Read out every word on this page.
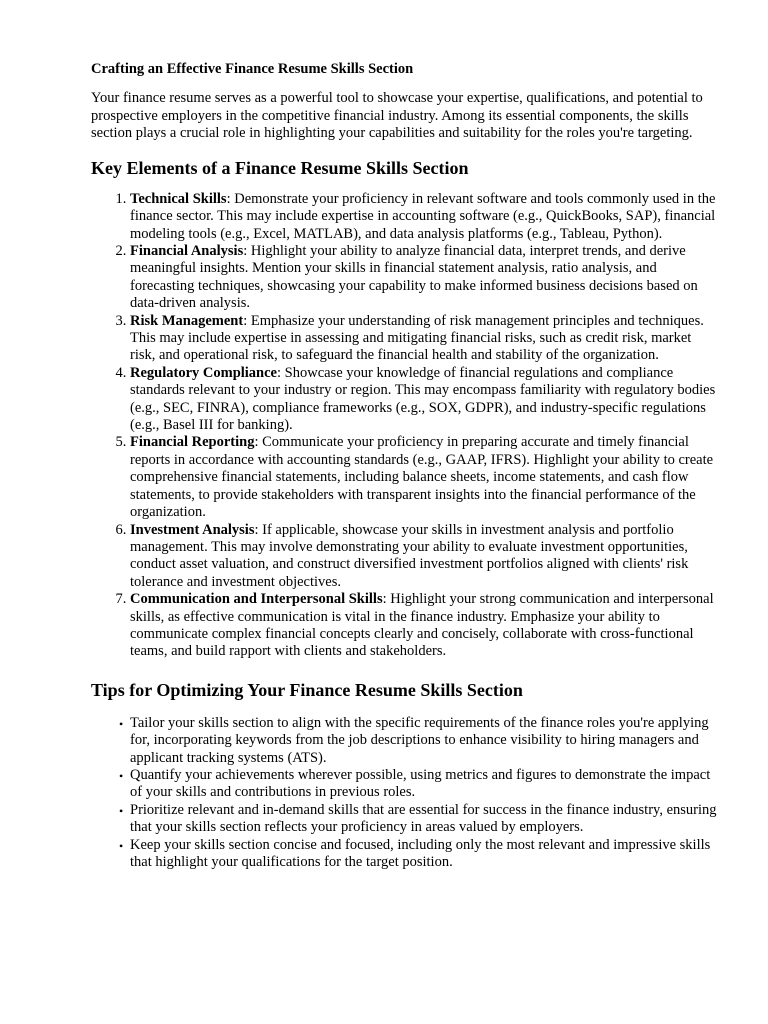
Crafting an Effective Finance Resume Skills Section

Your finance resume serves as a powerful tool to showcase your expertise, qualifications, and potential to prospective employers in the competitive financial industry. Among its essential components, the skills section plays a crucial role in highlighting your capabilities and suitability for the roles you're targeting.

Key Elements of a Finance Resume Skills Section
1. Technical Skills: Demonstrate your proficiency in relevant software and tools commonly used in the finance sector. This may include expertise in accounting software (e.g., QuickBooks, SAP), financial modeling tools (e.g., Excel, MATLAB), and data analysis platforms (e.g., Tableau, Python).
2. Financial Analysis: Highlight your ability to analyze financial data, interpret trends, and derive meaningful insights. Mention your skills in financial statement analysis, ratio analysis, and forecasting techniques, showcasing your capability to make informed business decisions based on data-driven analysis.
3. Risk Management: Emphasize your understanding of risk management principles and techniques. This may include expertise in assessing and mitigating financial risks, such as credit risk, market risk, and operational risk, to safeguard the financial health and stability of the organization.
4. Regulatory Compliance: Showcase your knowledge of financial regulations and compliance standards relevant to your industry or region. This may encompass familiarity with regulatory bodies (e.g., SEC, FINRA), compliance frameworks (e.g., SOX, GDPR), and industry-specific regulations (e.g., Basel III for banking).
5. Financial Reporting: Communicate your proficiency in preparing accurate and timely financial reports in accordance with accounting standards (e.g., GAAP, IFRS). Highlight your ability to create comprehensive financial statements, including balance sheets, income statements, and cash flow statements, to provide stakeholders with transparent insights into the financial performance of the organization.
6. Investment Analysis: If applicable, showcase your skills in investment analysis and portfolio management. This may involve demonstrating your ability to evaluate investment opportunities, conduct asset valuation, and construct diversified investment portfolios aligned with clients' risk tolerance and investment objectives.
7. Communication and Interpersonal Skills: Highlight your strong communication and interpersonal skills, as effective communication is vital in the finance industry. Emphasize your ability to communicate complex financial concepts clearly and concisely, collaborate with cross-functional teams, and build rapport with clients and stakeholders.
Tips for Optimizing Your Finance Resume Skills Section
• Tailor your skills section to align with the specific requirements of the finance roles you're applying for, incorporating keywords from the job descriptions to enhance visibility to hiring managers and applicant tracking systems (ATS).
• Quantify your achievements wherever possible, using metrics and figures to demonstrate the impact of your skills and contributions in previous roles.
• Prioritize relevant and in-demand skills that are essential for success in the finance industry, ensuring that your skills section reflects your proficiency in areas valued by employers.
• Keep your skills section concise and focused, including only the most relevant and impressive skills that highlight your qualifications for the target position.
